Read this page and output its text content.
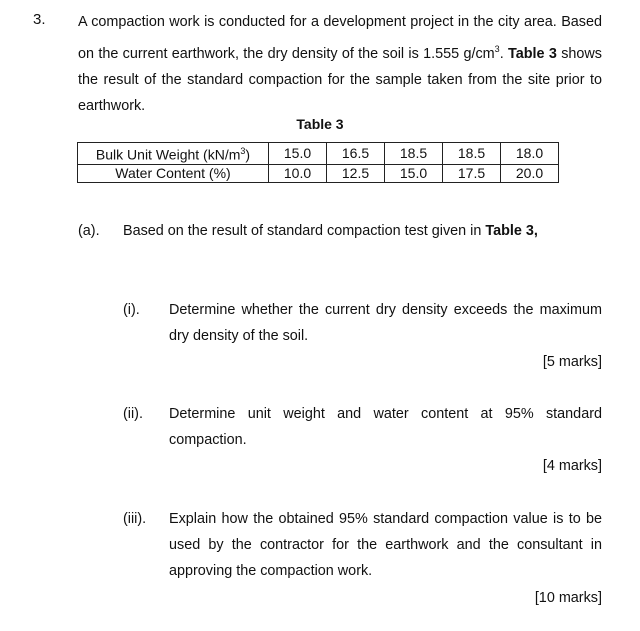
3. A compaction work is conducted for a development project in the city area. Based on the current earthwork, the dry density of the soil is 1.555 $g/cm^3$. Table 3 shows the result of the standard compaction for the sample taken from the site prior to earthwork.
Table 3
Bulk Unit Weight $(kN/m^3)$	15.0	16.5	18.5	18.5	18.0
Water Content (%)	10.0	12.5	15.0	17.5	20.0
(a). Based on the result of standard compaction test given in Table 3,
(i). Determine whether the current dry density exceeds the maximum dry density of the soil.
[5 marks]
(ii). Determine unit weight and water content at 95% standard compaction.
[4 marks]
(iii). Explain how the obtained 95% standard compaction value is to be used by the contractor for the earthwork and the consultant in approving the compaction work.
[10 marks]
